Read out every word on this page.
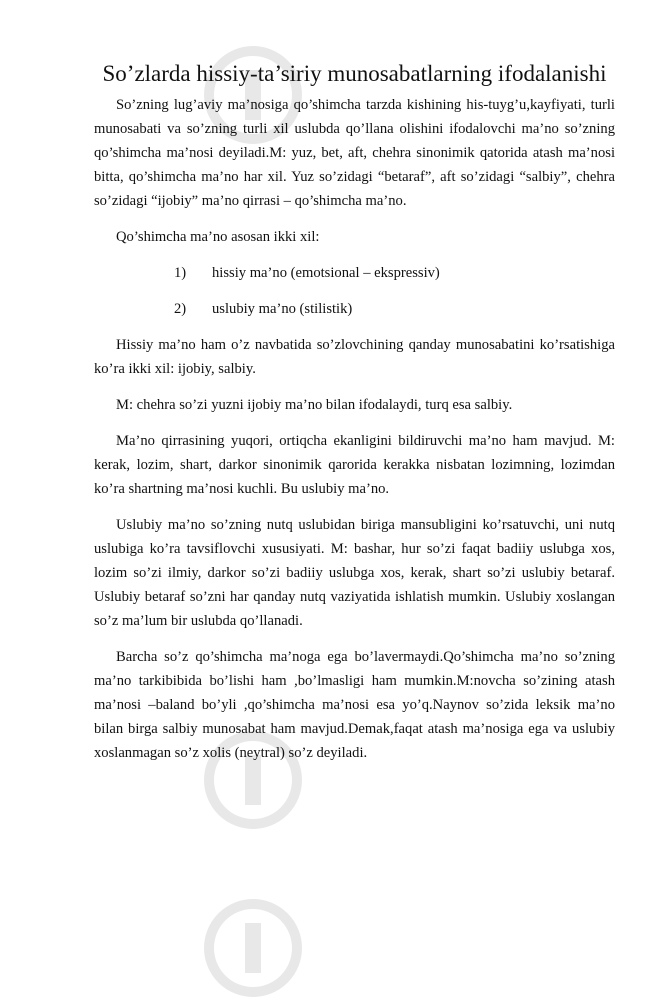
So’zlarda hissiy-ta’siriy munosabatlarning ifodalanishi

So’zning lug’aviy ma’nosiga qo’shimcha tarzda kishining his-tuyg’u,kayfiyati, turli munosabati va so’zning turli xil uslubda qo’llana olishini ifodalovchi ma’no so’zning qo’shimcha ma’nosi deyiladi.M: yuz, bet, aft, chehra sinonimik qatorida atash ma’nosi bitta, qo’shimcha ma’no har xil. Yuz so’zidagi “betaraf”, aft so’zidagi “salbiy”, chehra so’zidagi “ijobiy” ma’no qirrasi – qo’shimcha ma’no.

Qo’shimcha ma’no asosan ikki xil:

1)	hissiy ma’no (emotsional – ekspressiv)
2)	uslubiy ma’no (stilistik)

Hissiy ma’no ham o’z navbatida so’zlovchining qanday munosabatini ko’rsatishiga ko’ra ikki xil: ijobiy, salbiy.

M: chehra so’zi yuzni ijobiy ma’no bilan ifodalaydi, turq esa salbiy.

Ma’no qirrasining yuqori, ortiqcha ekanligini bildiruvchi ma’no ham mavjud. M: kerak, lozim, shart, darkor sinonimik qarorida kerakka nisbatan lozimning, lozimdan ko’ra shartning ma’nosi kuchli. Bu uslubiy ma’no.

Uslubiy ma’no so’zning nutq uslubidan biriga mansubligini ko’rsatuvchi, uni nutq uslubiga ko’ra tavsiflovchi xususiyati. M: bashar, hur so’zi faqat badiiy uslubga xos, lozim so’zi ilmiy, darkor so’zi badiiy uslubga xos, kerak, shart so’zi uslubiy betaraf. Uslubiy betaraf so’zni har qanday nutq vaziyatida ishlatish mumkin. Uslubiy xoslangan so’z ma’lum bir uslubda qo’llanadi.

Barcha so’z qo’shimcha ma’noga ega bo’lavermaydi.Qo’shimcha ma’no so’zning ma’no tarkibibida bo’lishi ham ,bo’lmasligi ham mumkin.M:novcha so’zining atash ma’nosi –baland bo’yli ,qo’shimcha ma’nosi esa yo’q.Naynov so’zida leksik ma’no bilan birga salbiy munosabat ham mavjud.Demak,faqat atash ma’nosiga ega va uslubiy xoslanmagan so’z xolis (neytral) so’z deyiladi.
